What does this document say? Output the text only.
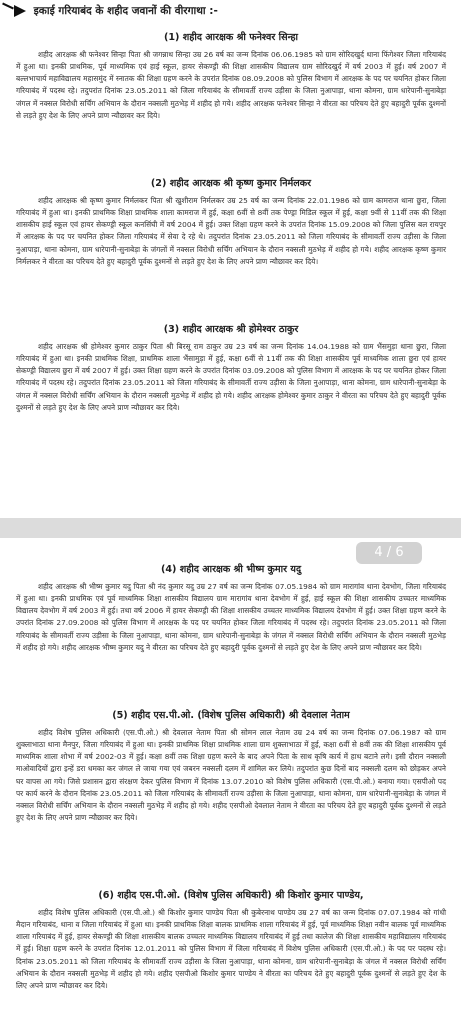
इकाई गरियाबंद के शहीद जवानों की वीरगाथा :-
(1) शहीद आरक्षक श्री फनेश्वर सिन्हा

शहीद आरक्षक श्री फनेश्वर सिन्हा पिता श्री जगन्नाथ सिन्हा उम्र 26 वर्ष का जन्म दिनांक 06.06.1985 को ग्राम सोरिदखुर्द थाना फिंगेश्वर जिला गरियाबंद में हुआ था। इनकी प्राथमिक, पूर्व माध्यमिक एवं हाई स्कूल, हायर सेकण्ड्री की शिक्षा शासकीय विद्यालय ग्राम सोरिदखुर्द में वर्ष 2003 में हुई। वर्ष 2007 में बल्लभाचार्य महाविद्यालय महासमुंद में स्नातक की शिक्षा ग्रहण करने के उपरांत दिनांक 08.09.2008 को पुलिस विभाग में आरक्षक के पद पर चयनित होकर जिला गरियाबंद में पदस्थ रहे। तदुपरांत दिनांक 23.05.2011 को जिला गरियाबंद के सीमावर्ती राज्य उड़ीसा के जिला नुआपाड़ा, थाना कोमना, ग्राम धारेपानी-सुनाबेड़ा जंगल में नक्सल विरोधी सर्चिंग अभियान के दौरान नक्सली मुठभेड़ में शहीद हो गये। शहीद आरक्षक फनेश्वर सिन्हा ने वीरता का परिचय देते हुए बहादुरी पूर्वक दुश्मनों से लड़ते हुए देश के लिए अपने प्राण न्यौछावर कर दिये।

(2) शहीद आरक्षक श्री कृष्ण कुमार निर्मलकर

शहीद आरक्षक श्री कृष्ण कुमार निर्मलकर पिता श्री खुशीराम निर्मलकर उम्र 25 वर्ष का जन्म दिनांक 22.01.1986 को ग्राम कामराज थाना छुरा, जिला गरियाबंद में हुआ था। इनकी प्राथमिक शिक्षा प्राथमिक शाला कामराज में हुई, कक्षा 6वीं से 8वीं तक पेण्ड्रा मिडिल स्कूल में हुई, कक्षा 9वीं से 11वीं तक की शिक्षा शासकीय हाई स्कूल एवं हायर सेकण्ड्री स्कूल कनसिंघी में वर्ष 2004 में हुई। उक्त शिक्षा ग्रहण करने के उपरांत दिनांक 15.09.2008 को जिला पुलिस बल रायपुर में आरक्षक के पद पर चयनित होकर जिला गरियाबंद में सेवा दे रहे थे। तदुपरांत दिनांक 23.05.2011 को जिला गरियाबंद के सीमावर्ती राज्य उड़ीसा के जिला नुआपाड़ा, थाना कोमना, ग्राम धारेपानी-सुनाबेड़ा के जंगलों में नक्सल विरोधी सर्चिंग अभियान के दौरान नक्सली मुठभेड़ में शहीद हो गये। शहीद आरक्षक कृष्ण कुमार निर्मलकर ने वीरता का परिचय देते हुए बहादुरी पूर्वक दुश्मनों से लड़ते हुए देश के लिए अपने प्राण न्यौछावर कर दिये।

(3) शहीद आरक्षक श्री होमेश्वर ठाकुर

शहीद आरक्षक श्री होमेश्वर कुमार ठाकुर पिता श्री बिरसू राम ठाकुर उम्र 23 वर्ष का जन्म दिनांक 14.04.1988 को ग्राम भैंसमुड़ा थाना छुरा, जिला गरियाबंद में हुआ था। इनकी प्राथमिक शिक्षा, प्राथमिक शाला भैंसामुड़ा में हुई, कक्षा 6वीं से 11वीं तक की शिक्षा शासकीय पूर्व माध्यमिक शाला छुरा एवं हायर सेकण्ड्री विद्यालय छुरा में वर्ष 2007 में हुई। उक्त शिक्षा ग्रहण करने के उपरांत दिनांक 03.09.2008 को पुलिस विभाग में आरक्षक के पद पर चयनित होकर जिला गरियाबंद में पदस्थ रहे। तदुपरांत दिनांक 23.05.2011 को जिला गरियाबंद के सीमावर्ती राज्य उड़ीसा के जिला नुआपाड़ा, थाना कोमना, ग्राम धारेपानी-सुनाबेड़ा के जंगल में नक्सल विरोधी सर्चिंग अभियान के दौरान नक्सली मुठभेड़ में शहीद हो गये। शहीद आरक्षक होमेश्वर कुमार ठाकुर ने वीरता का परिचय देते हुए बहादुरी पूर्वक दुश्मनों से लड़ते हुए देश के लिए अपने प्राण न्यौछावर कर दिये।

(4) शहीद आरक्षक श्री भीष्म कुमार यदु

शहीद आरक्षक श्री भीष्म कुमार यदु पिता श्री नंद कुमार यदु उम्र 27 वर्ष का जन्म दिनांक 07.05.1984 को ग्राम मारागांव थाना देवभोग, जिला गरियाबंद में हुआ था। इनकी प्राथमिक एवं पूर्व माध्यमिक शिक्षा शासकीय विद्यालय ग्राम मारागांव थाना देवभोग में हुई, हाई स्कूल की शिक्षा शासकीय उच्चतर माध्यमिक विद्यालय देवभोग में वर्ष 2003 में हुई। तथा वर्ष 2006 में हायर सेकण्ड्री की शिक्षा शासकीय उच्चतर माध्यमिक विद्यालय देवभोग में हुई। उक्त शिक्षा ग्रहण करने के उपरांत दिनांक 27.09.2008 को पुलिस विभाग में आरक्षक के पद पर चयनित होकर जिला गरियाबंद में पदस्थ रहे। तदुपरांत दिनांक 23.05.2011 को जिला गरियाबंद के सीमावर्ती राज्य उड़ीसा के जिला नुआपाड़ा, थाना कोमना, ग्राम धारेपानी-सुनाबेड़ा के जंगल में नक्सल विरोधी सर्चिंग अभियान के दौरान नक्सली मुठभेड़ में शहीद हो गये। शहीद आरक्षक भीष्म कुमार यदु ने वीरता का परिचय देते हुए बहादुरी पूर्वक दुश्मनों से लड़ते हुए देश के लिए अपने प्राण न्यौछावर कर दिये।

(5) शहीद एस.पी.ओ. (विशेष पुलिस अधिकारी) श्री देवलाल नेताम

शहीद विशेष पुलिस अधिकारी (एस.पी.ओ.) श्री देवलाल नेताम पिता श्री सोमन लाल नेताम उम्र 24 वर्ष का जन्म दिनांक 07.06.1987 को ग्राम शुक्लाभाठा थाना मैनपुर, जिला गरियाबंद में हुआ था। इनकी प्राथमिक शिक्षा प्राथमिक शाला ग्राम शुक्लाभाठा में हुई, कक्षा 6वीं से 8वीं तक की शिक्षा शासकीय पूर्व माध्यमिक शाला शोभा में वर्ष 2002-03 में हुई। कक्षा 8वीं तक शिक्षा ग्रहण करने के बाद अपने पिता के साथ कृषि कार्य में हाथ बटाने लगे। इसी दौरान नक्सली माओवादियों द्वारा इन्हें डरा धमका कर जंगल ले जाया गया एवं जबरन नक्सली दलम में शामिल कर लिये। तदुपरांत कुछ दिनों बाद नक्सली दलम को छोड़कर अपने घर वापस आ गये। जिसे प्रशासन द्वारा संरक्षण देकर पुलिस विभाग में दिनांक 13.07.2010 को विशेष पुलिस अधिकारी (एस.पी.ओ.) बनाया गया। एसपीओ पद पर कार्य करने के दौरान दिनांक 23.05.2011 को जिला गरियाबंद के सीमावर्ती राज्य उड़ीसा के जिला नुआपाड़ा, थाना कोमना, ग्राम धारेपानी-सुनाबेड़ा के जंगल में नक्सल विरोधी सर्चिंग अभियान के दौरान नक्सली मुठभेड़ में शहीद हो गये। शहीद एसपीओ देवलाल नेताम ने वीरता का परिचय देते हुए बहादुरी पूर्वक दुश्मनों से लड़ते हुए देश के लिए अपने प्राण न्यौछावर कर दिये।

(6) शहीद एस.पी.ओ. (विशेष पुलिस अधिकारी) श्री किशोर कुमार पाण्डेय,

शहीद विशेष पुलिस अधिकारी (एस.पी.ओ.) श्री किशोर कुमार पाण्डेय पिता श्री कुबेरनाथ पाण्डेय उम्र 27 वर्ष का जन्म दिनांक 07.07.1984 को गांधी मैदान गरियाबंद, थाना व जिला गरियाबंद में हुआ था। इनकी प्राथमिक शिक्षा बालक प्राथमिक शाला गरियाबंद में हुई, पूर्व माध्यमिक शिक्षा नवीन बालक पूर्व माध्यमिक शाला गरियाबंद में हुई, हायर सेकण्ड्री की शिक्षा शासकीय बालक उच्चतर माध्यमिक विद्यालय गरियाबंद में हुई तथा कालेज की शिक्षा शासकीय महाविद्यालय गरियाबंद में हुई। शिक्षा ग्रहण करने के उपरांत दिनांक 12.01.2011 को पुलिस विभाग में जिला गरियाबंद में विशेष पुलिस अधिकारी (एस.पी.ओ.) के पद पर पदस्थ रहे। दिनांक 23.05.2011 को जिला गरियाबंद के सीमावर्ती राज्य उड़ीसा के जिला नुआपाड़ा, थाना कोमना, ग्राम धारेपानी-सुनाबेड़ा के जंगल में नक्सल विरोधी सर्चिंग अभियान के दौरान नक्सली मुठभेड़ में शहीद हो गये। शहीद एसपीओ किशोर कुमार पाण्डेय ने वीरता का परिचय देते हुए बहादुरी पूर्वक दुश्मनों से लड़ते हुए देश के लिए अपने प्राण न्यौछावर कर दिये।

4 / 6
